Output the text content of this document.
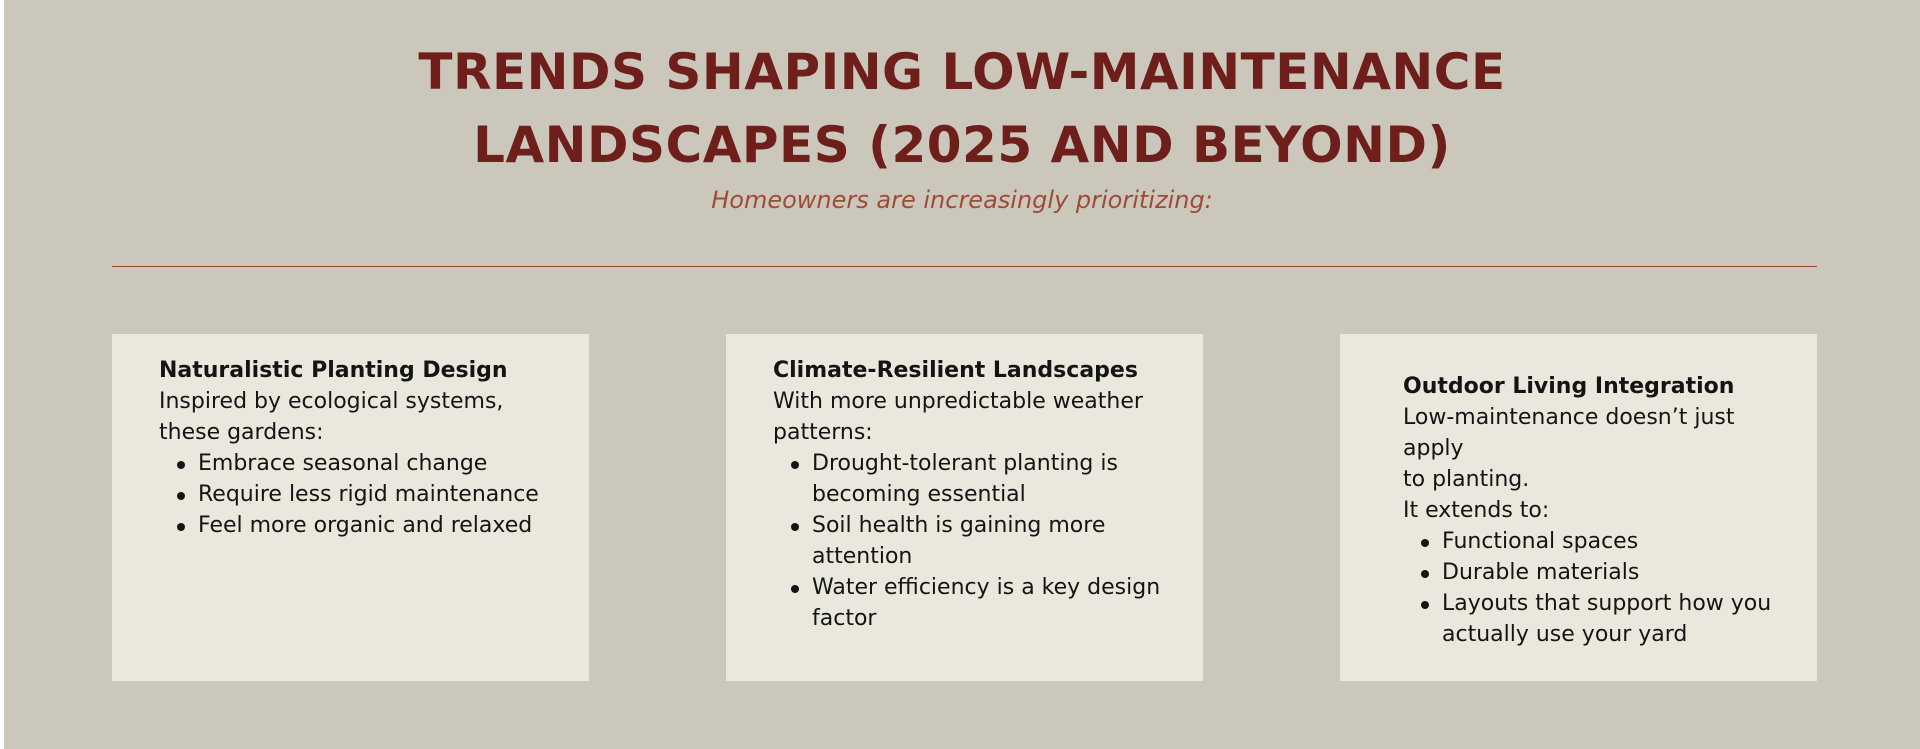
TRENDS SHAPING LOW-MAINTENANCE
LANDSCAPES (2025 AND BEYOND)
Homeowners are increasingly prioritizing:

Naturalistic Planting Design

Inspired by ecological systems,
these gardens:

Embrace seasonal change
Require less rigid maintenance
Feel more organic and relaxed

Climate-Resilient Landscapes

With more unpredictable weather
patterns:

Drought-tolerant planting is
becoming essential
Soil health is gaining more
attention
Water efficiency is a key design
factor

Outdoor Living Integration

Low-maintenance doesn’t just apply
to planting.
It extends to:

Functional spaces
Durable materials
Layouts that support how you
actually use your yard
